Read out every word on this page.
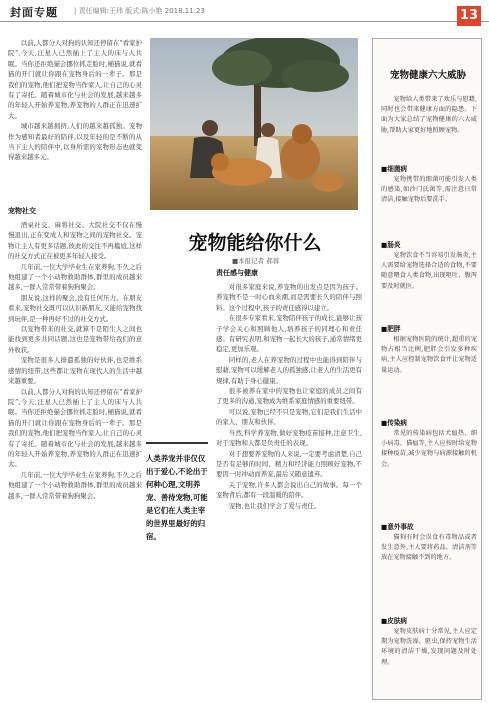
封面专题 | 责任编辑:王玮 版式:陈小艳 2018.11.23	13

以前,人都分人对狗的认知还停留在“看家护院”,今天,汪星人已然插上了主人的床与人共眠。当你还拒绝猫会挪位抓走脸时,桶猫说,就看猫的开门就让你跟在宠物身后的一辈子。那是我们的宠物,他们把宠物当作家人,让自己的心灵有了寄托。随着城市化与社会的发展,越来越多的年轻人开始养宠物,养宠物的人群正在迅速扩大。

城市越来越拥挤,人们的越来越孤独。宠物作为感知者最好的陪伴,以及年轻的是不断的从当下主人的陪伴中,以身所需的宠物形态也就变得越来越多元。

宠物社交

酒桌社交、麻将社交、大院社交不仅在慢慢退出,正在变成人和宠物之间的宠物社交。宠物让主人有更多话题,彼此的交往不再尴尬,这样的社交方式正在被更多年轻人接受。

几年前,一位大学毕业生在家养狗,不久之后他组建了一个小动物救助群体,群里的成员越来越多,一群人常常带着狗狗聚会。

朋友说,这样的聚会,没有任何压力。在朋友看来,宠物社交既可以认识新朋友,又能给宠物找到玩伴,是一种再好不过的社交方式。

以宠物带来的社交,就算不是陌生人之间也能找到更多共同话题,这也是宠物带给我们的意外收获。

宠物是很多人排遣孤独的好伙伴,也是维系感情的纽带,这些都让宠物在现代人的生活中越来越重要。

以前,人都分人对狗的认知还停留在“看家护院”,今天,汪星人已然插上了主人的床与人共眠。当你还拒绝猫会挪位抓走脸时,桶猫说,就看猫的开门就让你跟在宠物身后的一辈子。那是我们的宠物,他们把宠物当作家人,让自己的心灵有了寄托。随着城市化与社会的发展,越来越多的年轻人开始养宠物,养宠物的人群正在迅速扩大。

几年前,一位大学毕业生在家养狗,不久之后他组建了一个小动物救助群体,群里的成员越来越多,一群人常常带着狗狗聚会。

宠物能给你什么
■本报记者 郝蓉
责任感与健康

对很多家庭来说,养宠物的出发点是因为孩子。养宠物不是一时心血来潮,而是需要长久的陪伴与照料。这个过程中,孩子的责任感得以建立。

在很多专家看来,宠物陪伴孩子的成长,能够让孩子学会关心和照顾他人,培养孩子的同理心和责任感。有研究表明,和宠物一起长大的孩子,通常情绪更稳定,更加乐观。

同样的,老人在养宠物的过程中也能得到陪伴与慰藉,宠物可以缓解老人的孤独感,让老人的生活更有规律,有助于身心健康。

很多被养在家中的宠物也让家庭的成员之间有了更多的沟通,宠物成为维系家庭情感的重要纽带。

可以说,宠物已经不只是宠物,它们是我们生活中的家人、朋友和伙伴。

当然,科学养宠物,做好宠物疫苗接种,注意卫生,对于宠物和人都是负责任的表现。

对于想要养宠物的人来说,一定要考虑清楚,自己是否有足够的时间、精力和经济能力照顾好宠物,不要因一时冲动而养宠,最后又随意遗弃。

关于宠物,许多人都会说出自己的故事。每一个宠物背后,都有一段温暖的陪伴。

宠物,也让我们学会了爱与责任。

人类养宠并非仅仅出于爱心,不论出于何种心理,文明养宠、善待宠物,可能是它们在人类主宰的世界里最好的归宿。
宠物健康六大威胁

宠物给人类带来了欢乐与慰藉,同时也会带来健康方面的隐患。下面为大家总结了宠物健康的六大威胁,帮助大家更好地照顾宠物。

■细菌病

宠物携带的细菌可能引发人类的感染,如沙门氏菌等,需注意日常清洁,接触宠物后要洗手。

■肠炎

宠物饮食不当容易引发肠炎,主人需要给宠物选择合适的食物,不要随意喂食人类食物,出现呕吐、腹泻要及时就医。

■肥胖

根据宠物医院的统计,超重的宠物占相当比例,肥胖会引发多种疾病,主人应控制宠物饮食并让宠物适量运动。

■传染病

常见的传染病包括犬瘟热、细小病毒、猫瘟等,主人应按时给宠物接种疫苗,减少宠物与病源接触的机会。

■意外事故

猫狗有时会误食有毒物品或者发生意外,主人要将药品、清洁剂等放在宠物接触不到的地方。

■皮肤病

宠物皮肤病十分常见,主人应定期为宠物洗澡、驱虫,保持宠物生活环境的清洁干燥,发现问题及时处理。
